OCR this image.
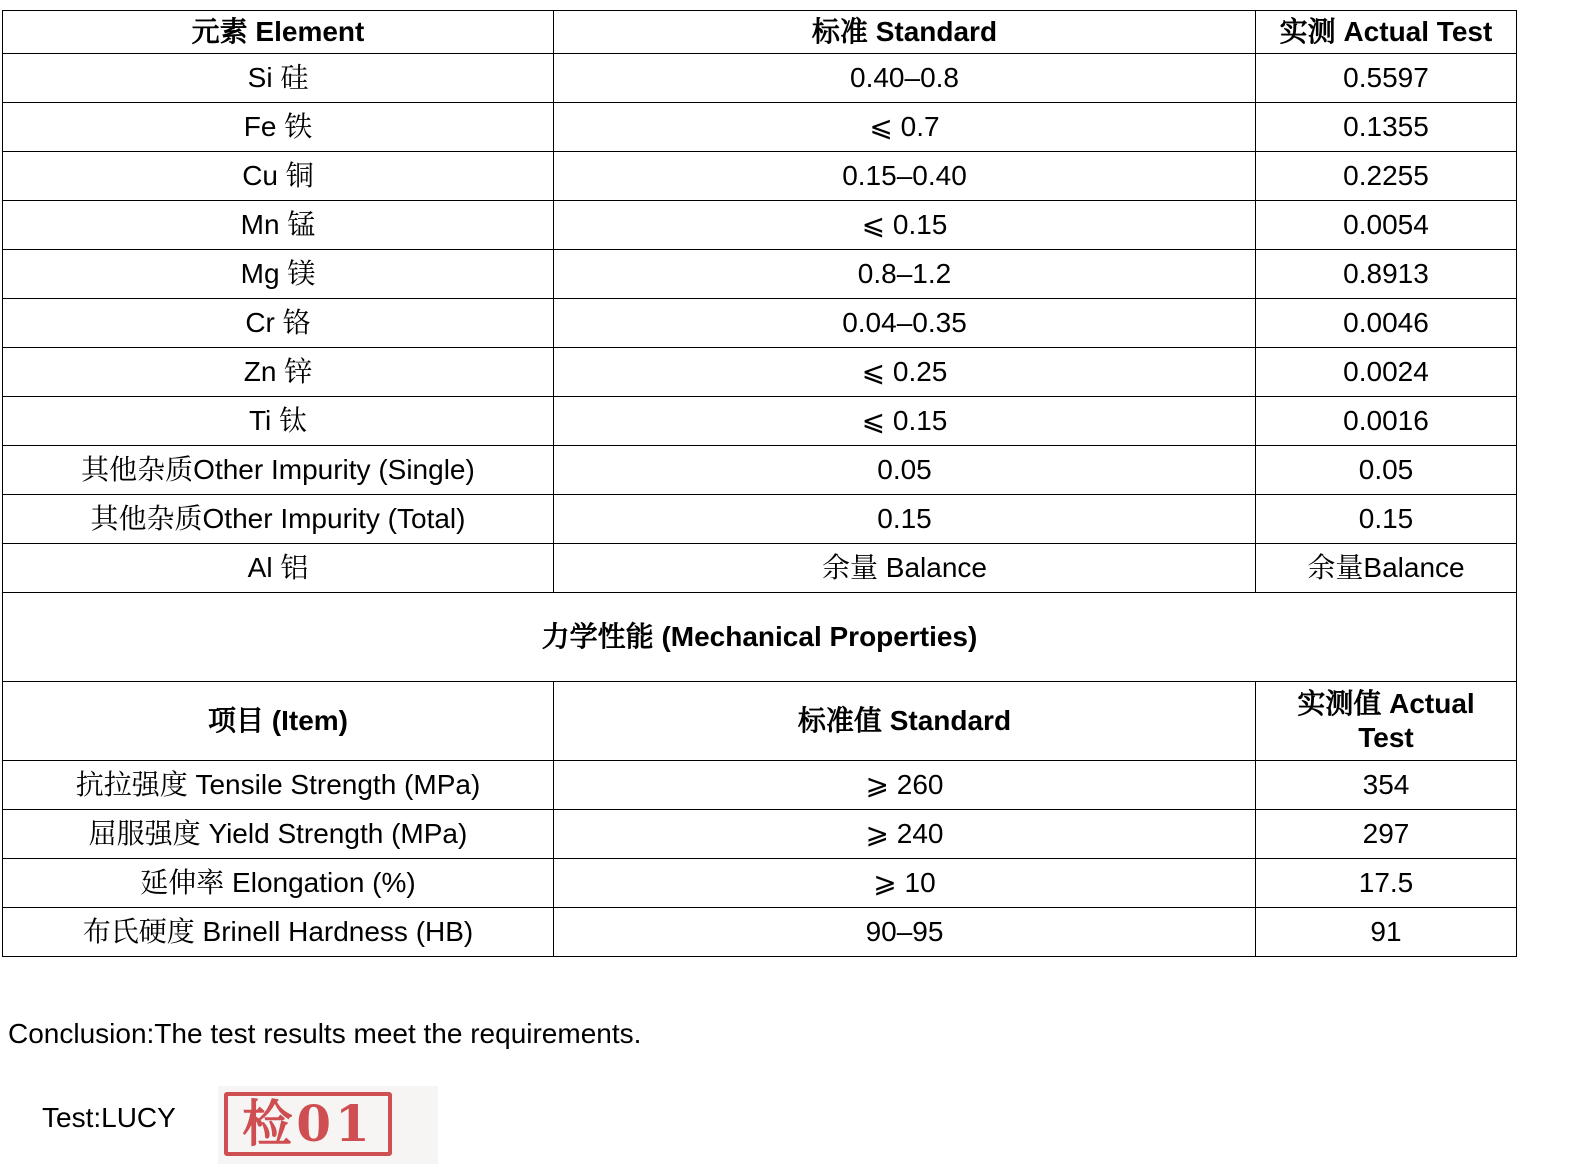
元素 Element	标准 Standard	实测 Actual Test
Si 硅	0.40–0.8	0.5597
Fe 铁	⩽ 0.7	0.1355
Cu 铜	0.15–0.40	0.2255
Mn 锰	⩽ 0.15	0.0054
Mg 镁	0.8–1.2	0.8913
Cr 铬	0.04–0.35	0.0046
Zn 锌	⩽ 0.25	0.0024
Ti 钛	⩽ 0.15	0.0016
其他杂质Other Impurity (Single)	0.05	0.05
其他杂质Other Impurity (Total)	0.15	0.15
Al 铝	余量 Balance	余量Balance
力学性能 (Mechanical Properties)		
项目 (Item)	标准值 Standard	实测值 Actual Test
抗拉强度 Tensile Strength (MPa)	⩾ 260	354
屈服强度 Yield Strength (MPa)	⩾ 240	297
延伸率 Elongation (%)	⩾ 10	17.5
布氏硬度 Brinell Hardness (HB)	90–95	91
Conclusion:The test results meet the requirements.
Test:LUCY	检01
